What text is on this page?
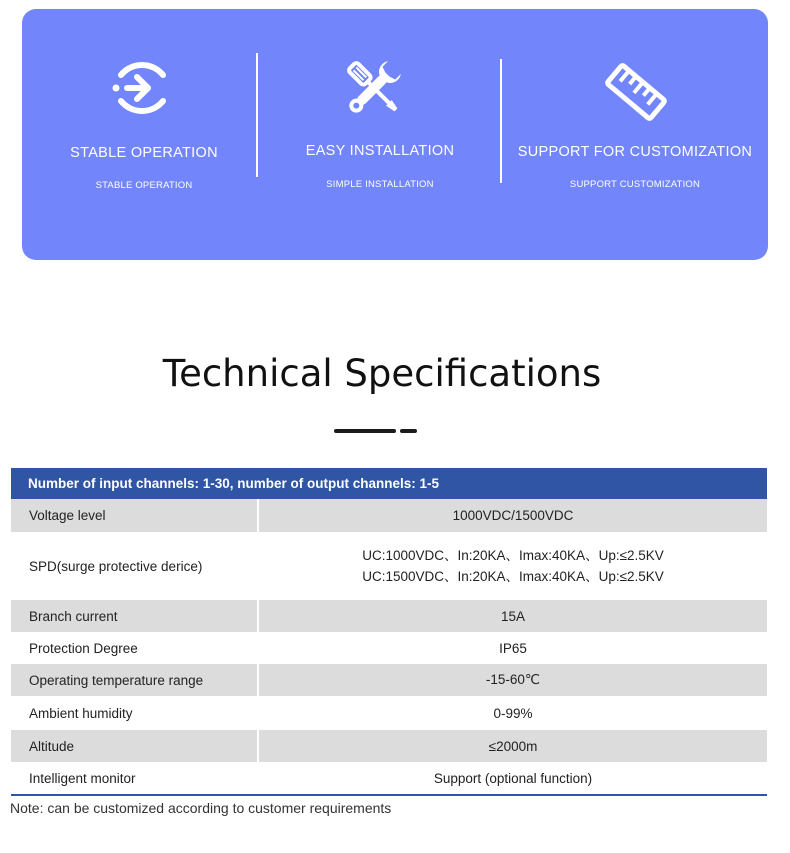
STABLE OPERATION
STABLE OPERATION
EASY INSTALLATION
SIMPLE INSTALLATION
SUPPORT FOR CUSTOMIZATION
SUPPORT CUSTOMIZATION
Technical Specifications
Number of input channels: 1-30, number of output channels: 1-5
Voltage level	1000VDC/1500VDC
SPD(surge protective derice)
UC:1000VDC、In:20KA、Imax:40KA、Up:≤2.5KV
UC:1500VDC、In:20KA、Imax:40KA、Up:≤2.5KV
Branch current	15A
Protection Degree	IP65
Operating temperature range	-15-60℃
Ambient humidity	0-99%
Altitude	≤2000m
Intelligent monitor	Support (optional function)
Note: can be customized according to customer requirements
